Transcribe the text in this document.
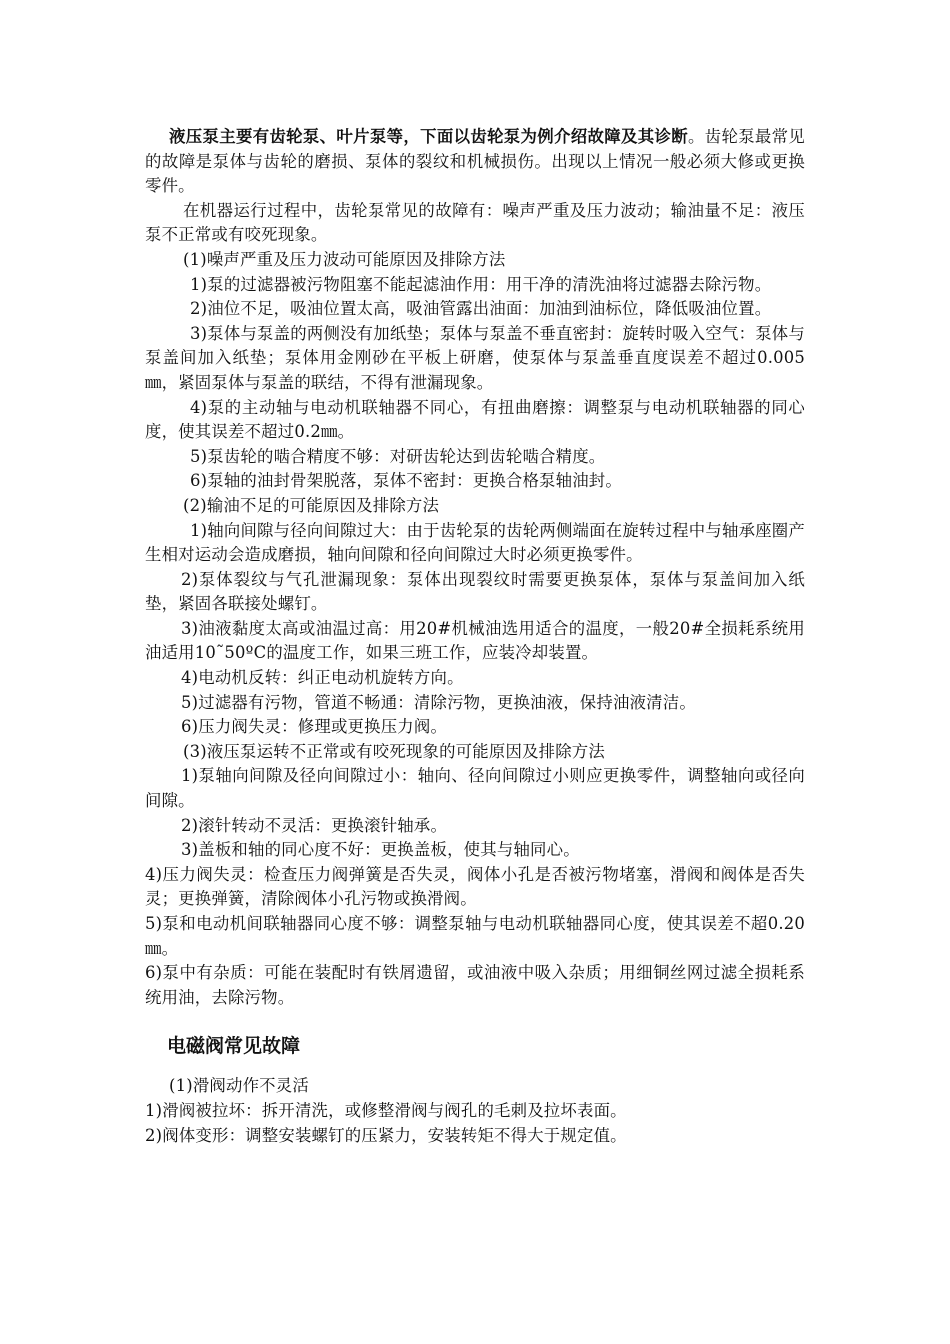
液压泵主要有齿轮泵、叶片泵等，下面以齿轮泵为例介绍故障及其诊断。齿轮泵最常见的故障是泵体与齿轮的磨损、泵体的裂纹和机械损伤。出现以上情况一般必须大修或更换零件。

在机器运行过程中，齿轮泵常见的故障有：噪声严重及压力波动；输油量不足：液压泵不正常或有咬死现象。

(1)噪声严重及压力波动可能原因及排除方法

1)泵的过滤器被污物阻塞不能起滤油作用：用干净的清洗油将过滤器去除污物。

2)油位不足，吸油位置太高，吸油管露出油面：加油到油标位，降低吸油位置。

3)泵体与泵盖的两侧没有加纸垫；泵体与泵盖不垂直密封：旋转时吸入空气：泵体与泵盖间加入纸垫；泵体用金刚砂在平板上研磨，使泵体与泵盖垂直度误差不超过0.005㎜，紧固泵体与泵盖的联结，不得有泄漏现象。

4)泵的主动轴与电动机联轴器不同心，有扭曲磨擦：调整泵与电动机联轴器的同心度，使其误差不超过0.2㎜。

5)泵齿轮的啮合精度不够：对研齿轮达到齿轮啮合精度。

6)泵轴的油封骨架脱落，泵体不密封：更换合格泵轴油封。

(2)输油不足的可能原因及排除方法

1)轴向间隙与径向间隙过大：由于齿轮泵的齿轮两侧端面在旋转过程中与轴承座圈产生相对运动会造成磨损，轴向间隙和径向间隙过大时必须更换零件。

2)泵体裂纹与气孔泄漏现象：泵体出现裂纹时需要更换泵体，泵体与泵盖间加入纸垫，紧固各联接处螺钉。

3)油液黏度太高或油温过高：用20#机械油选用适合的温度，一般20#全损耗系统用油适用10˜50ºC的温度工作，如果三班工作，应装冷却装置。

4)电动机反转：纠正电动机旋转方向。

5)过滤器有污物，管道不畅通：清除污物，更换油液，保持油液清洁。

6)压力阀失灵：修理或更换压力阀。

(3)液压泵运转不正常或有咬死现象的可能原因及排除方法

1)泵轴向间隙及径向间隙过小：轴向、径向间隙过小则应更换零件，调整轴向或径向间隙。

2)滚针转动不灵活：更换滚针轴承。

3)盖板和轴的同心度不好：更换盖板，使其与轴同心。

4)压力阀失灵：检查压力阀弹簧是否失灵，阀体小孔是否被污物堵塞，滑阀和阀体是否失灵；更换弹簧，清除阀体小孔污物或换滑阀。

5)泵和电动机间联轴器同心度不够：调整泵轴与电动机联轴器同心度，使其误差不超0.20㎜。

6)泵中有杂质：可能在装配时有铁屑遗留，或油液中吸入杂质；用细铜丝网过滤全损耗系统用油，去除污物。

电磁阀常见故障

(1)滑阀动作不灵活

1)滑阀被拉坏：拆开清洗，或修整滑阀与阀孔的毛刺及拉坏表面。

2)阀体变形：调整安装螺钉的压紧力，安装转矩不得大于规定值。
